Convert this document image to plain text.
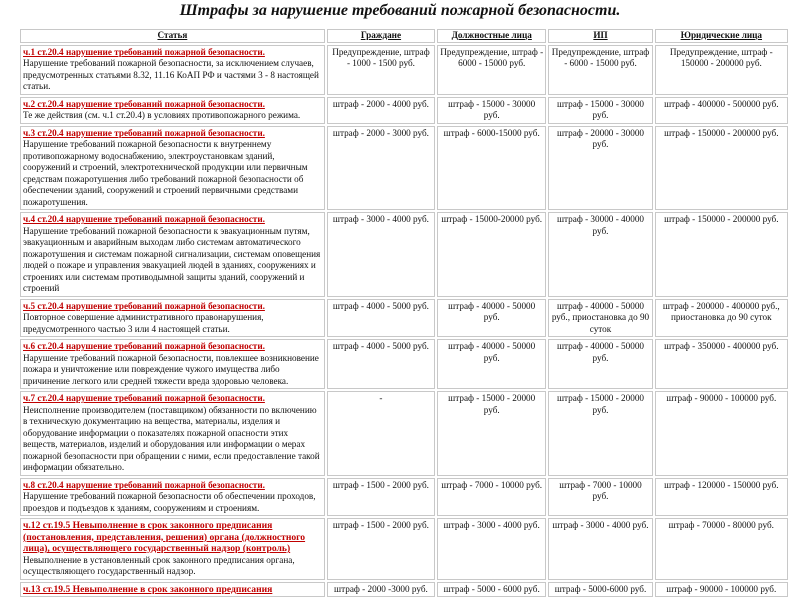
Штрафы за нарушение требований пожарной безопасности.
Статья	Граждане	Должностные лица	ИП	Юридические лица
ч.1 ст.20.4 нарушение требований пожарной безопасности.
Нарушение требований пожарной безопасности, за исключением случаев, предусмотренных статьями 8.32, 11.16 КоАП РФ и частями 3 - 8 настоящей статьи.	Предупреждение, штраф - 1000 - 1500 руб.	Предупреждение, штраф - 6000 - 15000 руб.	Предупреждение, штраф - 6000 - 15000 руб.	Предупреждение, штраф - 150000 - 200000 руб.
ч.2 ст.20.4 нарушение требований пожарной безопасности.
Те же действия (см. ч.1 ст.20.4) в условиях противопожарного режима.	штраф - 2000 - 4000 руб.	штраф - 15000 - 30000 руб.	штраф - 15000 - 30000 руб.	штраф - 400000 - 500000 руб.
ч.3 ст.20.4 нарушение требований пожарной безопасности.
Нарушение требований пожарной безопасности к внутреннему противопожарному водоснабжению, электроустановкам зданий, сооружений и строений, электротехнической продукции или первичным средствам пожаротушения либо требований пожарной безопасности об обеспечении зданий, сооружений и строений первичными средствами пожаротушения.	штраф - 2000 - 3000 руб.	штраф - 6000-15000 руб.	штраф - 20000 - 30000 руб.	штраф - 150000 - 200000 руб.
ч.4 ст.20.4 нарушение требований пожарной безопасности.
Нарушение требований пожарной безопасности к эвакуационным путям, эвакуационным и аварийным выходам либо системам автоматического пожаротушения и системам пожарной сигнализации, системам оповещения людей о пожаре и управления эвакуацией людей в зданиях, сооружениях и строениях или системам противодымной защиты зданий, сооружений и строений	штраф - 3000 - 4000 руб.	штраф - 15000-20000 руб.	штраф - 30000 - 40000 руб.	штраф - 150000 - 200000 руб.
ч.5 ст.20.4 нарушение требований пожарной безопасности.
Повторное совершение административного правонарушения, предусмотренного частью 3 или 4 настоящей статьи.	штраф - 4000 - 5000 руб.	штраф - 40000 - 50000 руб.	штраф - 40000 - 50000 руб., приостановка до 90 суток	штраф - 200000 - 400000 руб., приостановка до 90 суток
ч.6 ст.20.4 нарушение требований пожарной безопасности.
Нарушение требований пожарной безопасности, повлекшее возникновение пожара и уничтожение или повреждение чужого имущества либо причинение легкого или средней тяжести вреда здоровью человека.	штраф - 4000 - 5000 руб.	штраф - 40000 - 50000 руб.	штраф - 40000 - 50000 руб.	штраф - 350000 - 400000 руб.
ч.7 ст.20.4 нарушение требований пожарной безопасности.
Неисполнение производителем (поставщиком) обязанности по включению в техническую документацию на вещества, материалы, изделия и оборудование информации о показателях пожарной опасности этих веществ, материалов, изделий и оборудования или информации о мерах пожарной безопасности при обращении с ними, если предоставление такой информации обязательно.	-	штраф - 15000 - 20000 руб.	штраф - 15000 - 20000 руб.	штраф - 90000 - 100000 руб.
ч.8 ст.20.4 нарушение требований пожарной безопасности.
Нарушение требований пожарной безопасности об обеспечении проходов, проездов и подъездов к зданиям, сооружениям и строениям.	штраф - 1500 - 2000 руб.	штраф - 7000 - 10000 руб.	штраф - 7000 - 10000 руб.	штраф - 120000 - 150000 руб.
ч.12 ст.19.5 Невыполнение в срок законного предписания (постановления, представления, решения) органа (должностного лица), осуществляющего государственный надзор (контроль)
Невыполнение в установленный срок законного предписания органа, осуществляющего государственный надзор.	штраф - 1500 - 2000 руб.	штраф - 3000 - 4000 руб.	штраф - 3000 - 4000 руб.	штраф - 70000 - 80000 руб.
ч.13 ст.19.5 Невыполнение в срок законного предписания	штраф - 2000 -3000 руб.	штраф - 5000 - 6000 руб.	штраф - 5000-6000 руб.	штраф - 90000 - 100000 руб.
